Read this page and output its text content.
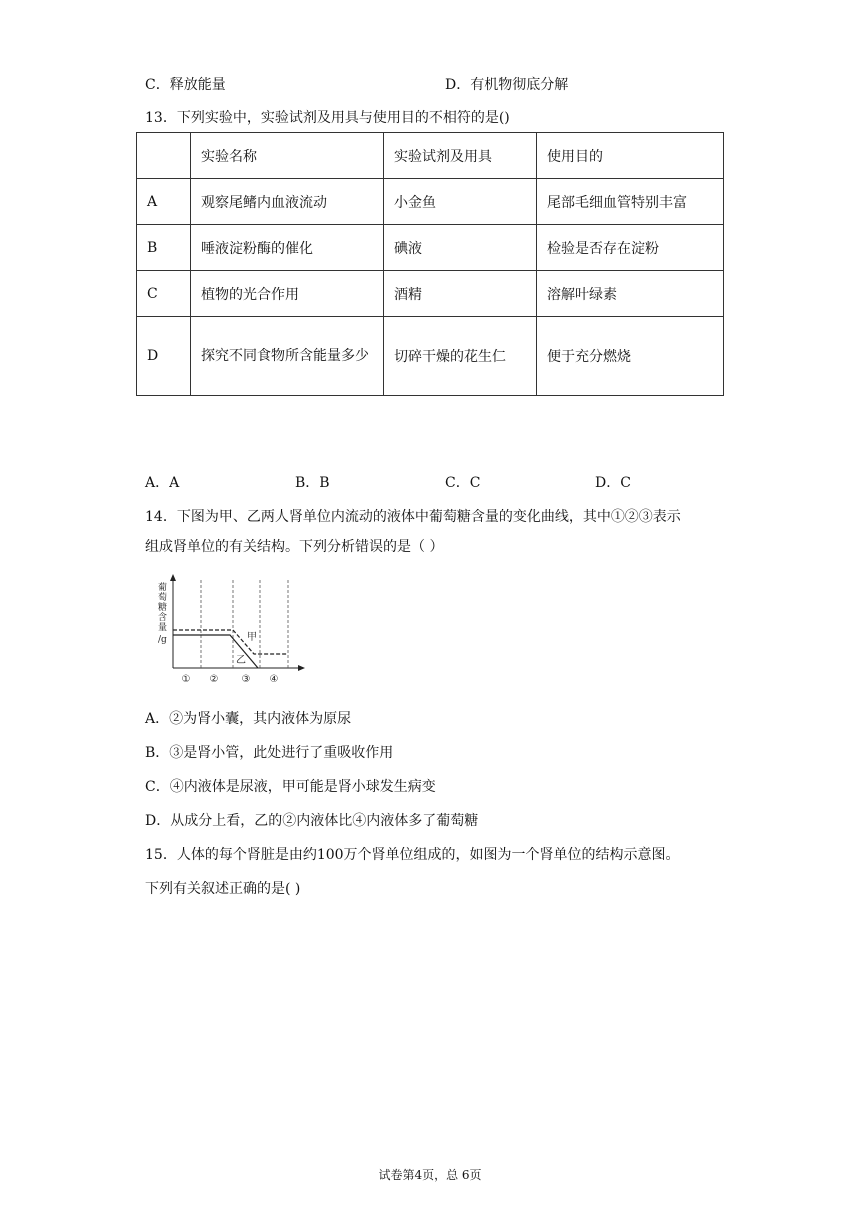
C．释放能量	D．有机物彻底分解
13．下列实验中，实验试剂及用具与使用目的不相符的是()
	实验名称	实验试剂及用具	使用目的
A	观察尾鳍内血液流动	小金鱼	尾部毛细血管特别丰富
B	唾液淀粉酶的催化	碘液	检验是否存在淀粉
C	植物的光合作用	酒精	溶解叶绿素
D	探究不同食物所含能量多少	切碎干燥的花生仁	便于充分燃烧
A．A	B．B	C．C	D．C
14．下图为甲、乙两人肾单位内流动的液体中葡萄糖含量的变化曲线，其中①②③表示
组成肾单位的有关结构。下列分析错误的是（ ）
葡
萄
糖
含
量
/g	甲
乙
① ② ③ ④
A．②为肾小囊，其内液体为原尿
B．③是肾小管，此处进行了重吸收作用
C．④内液体是尿液，甲可能是肾小球发生病变
D．从成分上看，乙的②内液体比④内液体多了葡萄糖
15．人体的每个肾脏是由约100万个肾单位组成的，如图为一个肾单位的结构示意图。
下列有关叙述正确的是( )
试卷第4页，总 6页
